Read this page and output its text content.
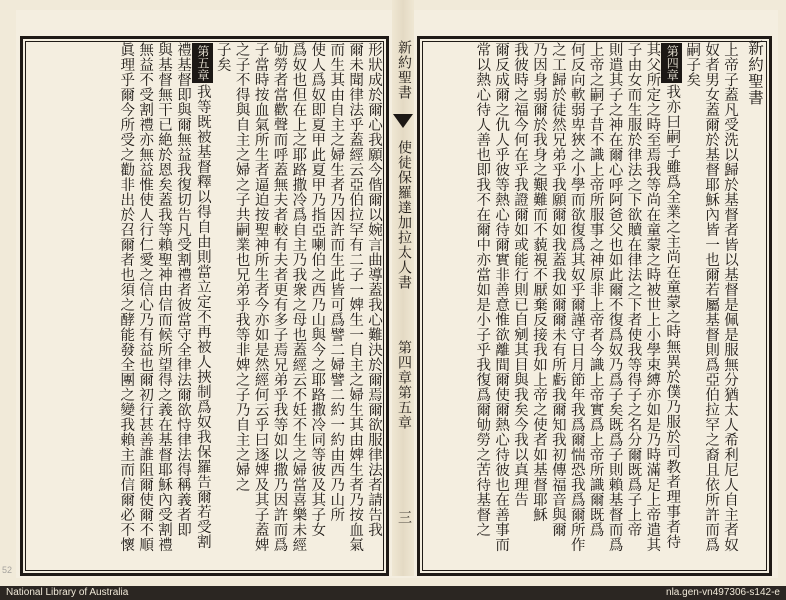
新約聖書
上帝子蓋凡受洗以歸於基督者皆以基督是佩是服無分猶太人希利尼人自主者奴
奴者男女蓋爾於基督耶穌內皆一也爾若屬基督則爲亞伯拉罕之裔且依所許而爲
嗣子矣
第四章我亦曰嗣子雖爲全業之主尚在童蒙之時無異於僕乃服於司教者理事者待
其父所定之時至焉我等尚在童蒙之時被世上小學束縛亦如是乃時滿足上帝遣其
子由女而生服於律法之下欲贖在律法之下者使我等得子之名分爾既爲子上帝
則遣其子之神在爾心呼阿爸父也如此爾不復爲奴乃爲子矣既爲子則賴基督而爲
上帝之嗣子昔不識上帝所服事之神原非上帝者今識上帝實爲上帝所識爾既爲
何反向軟弱卑狹之小學而欲復爲其奴乎爾謹守日月節年我爲爾惴恐我爲爾所作
之工歸於徒然兄弟乎我願爾如我蓋我如爾爾未有所虧我爾知我初傳福音與爾
乃因身弱爾於我身之艱難而不藐視不厭棄反接我如上帝之使者如基督耶穌
我彼時之福今何在乎我證爾如或能行則已自剜其目與我矣今我以真理告
爾反成爾之仇人乎彼等熱心待爾實非善意惟欲離間爾使爾熱心待彼也在善事而
常以熱心待人善也即我不在爾中亦當如是小子乎我復爲爾劬勞之苦待基督之
新約聖書
使徒保羅達加拉太人書
第四章
第五章
三
形狀成於爾心我願今偕爾以婉言曲導蓋我心難決於爾焉爾欲服律法者請告我
爾未聞律法乎蓋經云亞伯拉罕有二子一婢生一自主之婦生其由婢生者乃按血氣
而生其由自主之婦生者乃因許而生此皆可爲譬二婦譬二約一約由西乃山所
使人爲奴即夏甲此夏甲乃指亞喇伯之西乃山與今之耶路撒冷同等彼及其子女
爲奴也但在上之耶路撒冷爲自主乃我衆之母也蓋經云不妊不生之婦當喜樂未經
劬勞者當歡聲而呼蓋無夫者較有夫者更有多子焉兄弟乎我等如以撒乃因許而爲
子當時按血氣所生者逼迫按聖神所生者今亦如是然經何云乎曰逐婢及其子蓋婢
之子不得與自主之婦之子共嗣業也兄弟乎我等非婢之子乃自主之婦之
子矣
第五章我等既被基督釋以得自由則當立定不再被人挾制爲奴我保羅告爾若受割
禮基督即與爾無益我復切告凡受割禮者彼當守全律法爾欲恃律法得稱義者即
與基督無干已絶於恩矣蓋我等賴聖神由信而候所望得之義在基督耶穌內受割禮
無益不受割禮亦無益惟使人行仁愛之信心乃有益也爾初行甚善誰阻爾使爾不順
眞理乎爾今所受之勸非出於召爾者也須之酵能發全團之變我賴主而信爾必不懷
52
National Library of Australia	nla.gen-vn497306-s142-e
